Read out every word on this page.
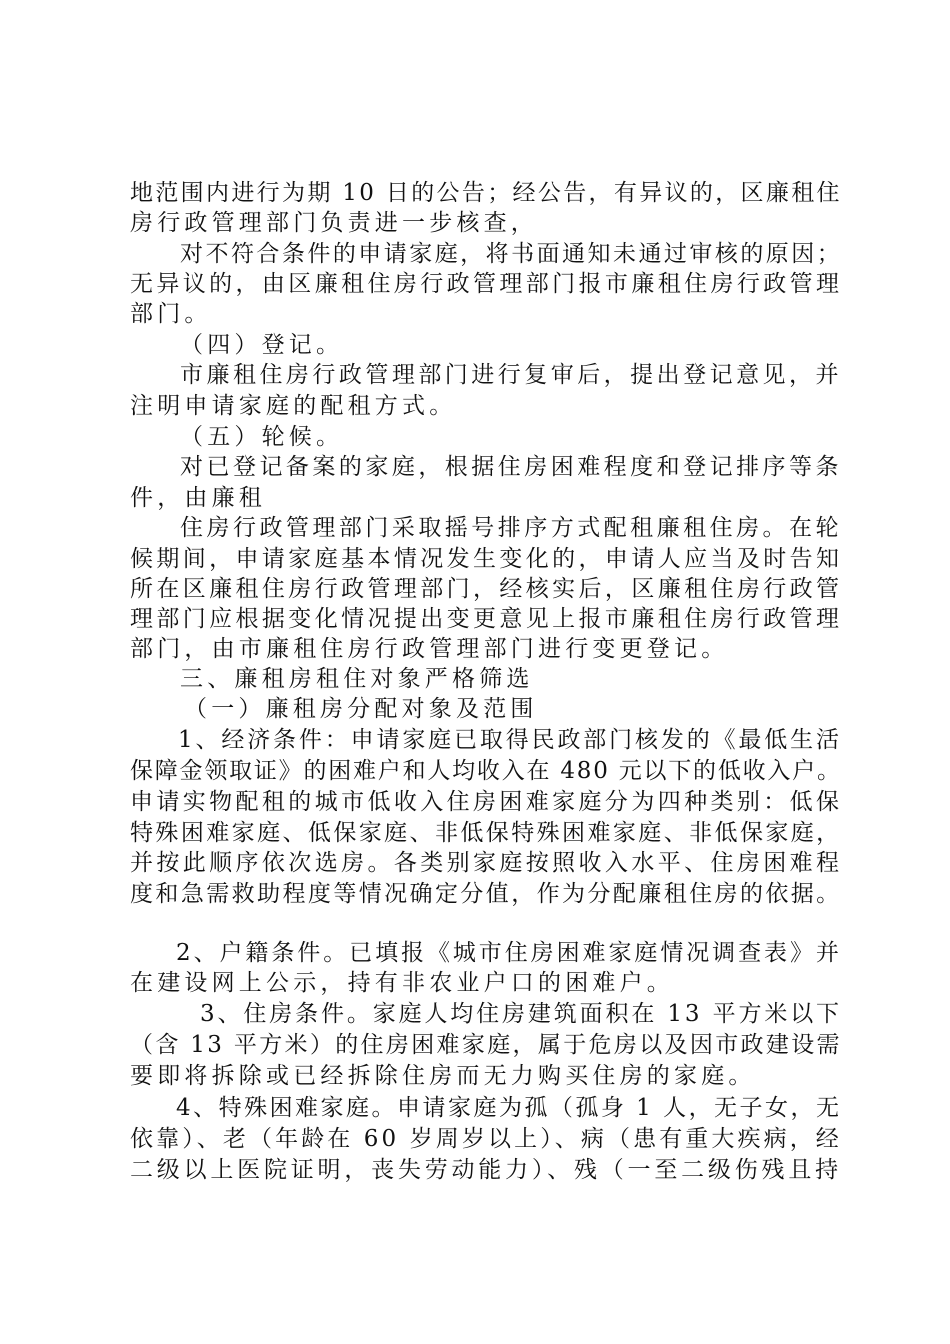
地范围内进行为期 10 日的公告；经公告，有异议的，区廉租住
房行政管理部门负责进一步核查，
对不符合条件的申请家庭，将书面通知未通过审核的原因；
无异议的，由区廉租住房行政管理部门报市廉租住房行政管理
部门。
（四）登记。
市廉租住房行政管理部门进行复审后，提出登记意见，并
注明申请家庭的配租方式。
（五）轮候。
对已登记备案的家庭，根据住房困难程度和登记排序等条
件，由廉租
住房行政管理部门采取摇号排序方式配租廉租住房。在轮
候期间，申请家庭基本情况发生变化的，申请人应当及时告知
所在区廉租住房行政管理部门，经核实后，区廉租住房行政管
理部门应根据变化情况提出变更意见上报市廉租住房行政管理
部门，由市廉租住房行政管理部门进行变更登记。
三、廉租房租住对象严格筛选
（一）廉租房分配对象及范围
1、经济条件：申请家庭已取得民政部门核发的《最低生活
保障金领取证》的困难户和人均收入在 480 元以下的低收入户。
申请实物配租的城市低收入住房困难家庭分为四种类别：低保
特殊困难家庭、低保家庭、非低保特殊困难家庭、非低保家庭，
并按此顺序依次选房。各类别家庭按照收入水平、住房困难程
度和急需救助程度等情况确定分值，作为分配廉租住房的依据。
2、户籍条件。已填报《城市住房困难家庭情况调查表》并
在建设网上公示，持有非农业户口的困难户。
3、住房条件。家庭人均住房建筑面积在 13 平方米以下
（含 13 平方米）的住房困难家庭，属于危房以及因市政建设需
要即将拆除或已经拆除住房而无力购买住房的家庭。
4、特殊困难家庭。申请家庭为孤（孤身 1 人，无子女，无
依靠）、老（年龄在 60 岁周岁以上）、病（患有重大疾病，经
二级以上医院证明，丧失劳动能力）、残（一至二级伤残且持
